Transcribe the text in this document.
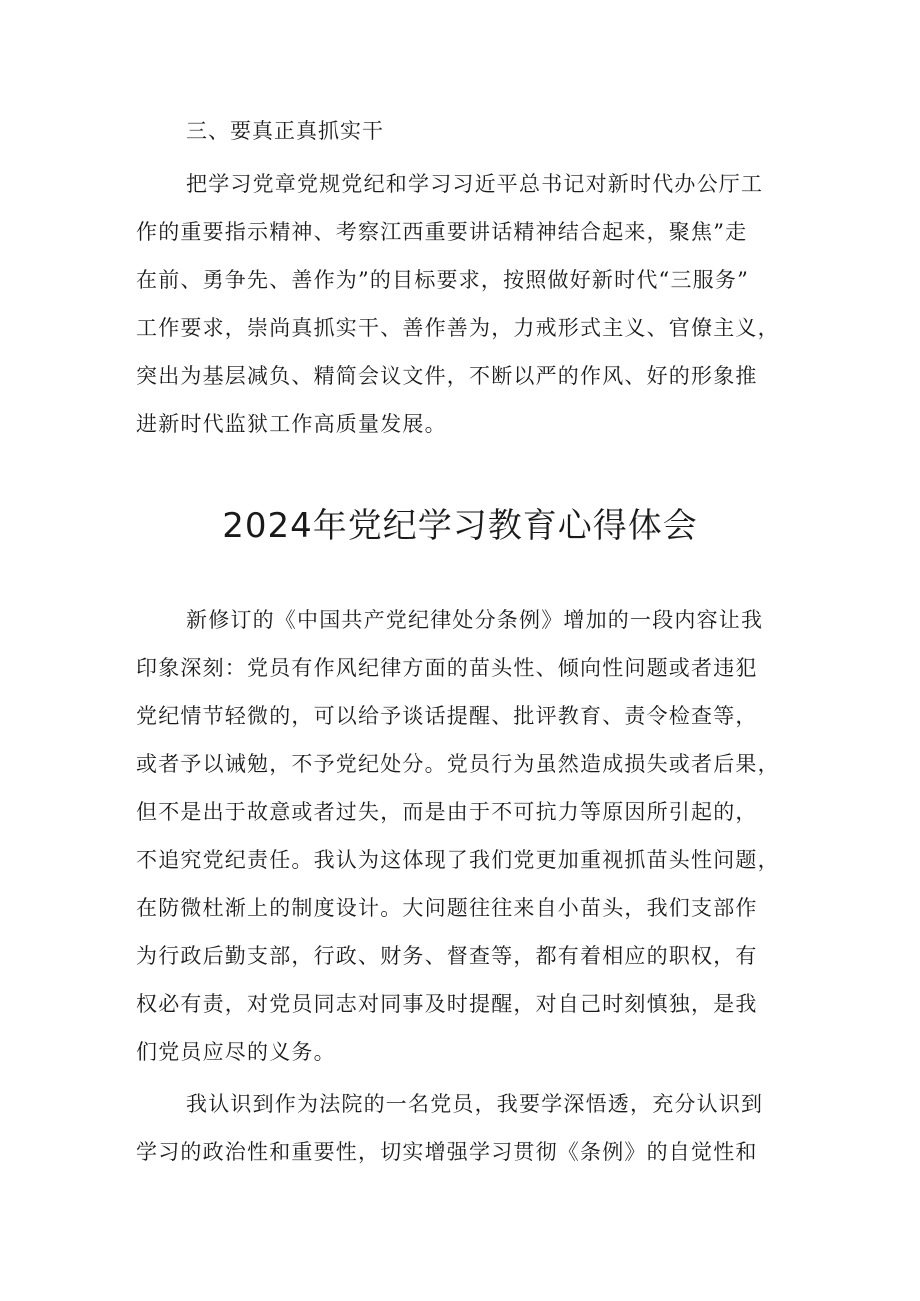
三、要真正真抓实干

把学习党章党规党纪和学习习近平总书记对新时代办公厅工
作的重要指示精神、考察江西重要讲话精神结合起来，聚焦”走
在前、勇争先、善作为”的目标要求，按照做好新时代“三服务”
工作要求，崇尚真抓实干、善作善为，力戒形式主义、官僚主义，
突出为基层减负、精简会议文件，不断以严的作风、好的形象推
进新时代监狱工作高质量发展。

2024年党纪学习教育心得体会

新修订的《中国共产党纪律处分条例》增加的一段内容让我
印象深刻：党员有作风纪律方面的苗头性、倾向性问题或者违犯
党纪情节轻微的，可以给予谈话提醒、批评教育、责令检查等，
或者予以诫勉，不予党纪处分。党员行为虽然造成损失或者后果，
但不是出于故意或者过失，而是由于不可抗力等原因所引起的，
不追究党纪责任。我认为这体现了我们党更加重视抓苗头性问题，
在防微杜渐上的制度设计。大问题往往来自小苗头，我们支部作
为行政后勤支部，行政、财务、督查等，都有着相应的职权，有
权必有责，对党员同志对同事及时提醒，对自己时刻慎独，是我
们党员应尽的义务。

我认识到作为法院的一名党员，我要学深悟透，充分认识到
学习的政治性和重要性，切实增强学习贯彻《条例》的自觉性和
